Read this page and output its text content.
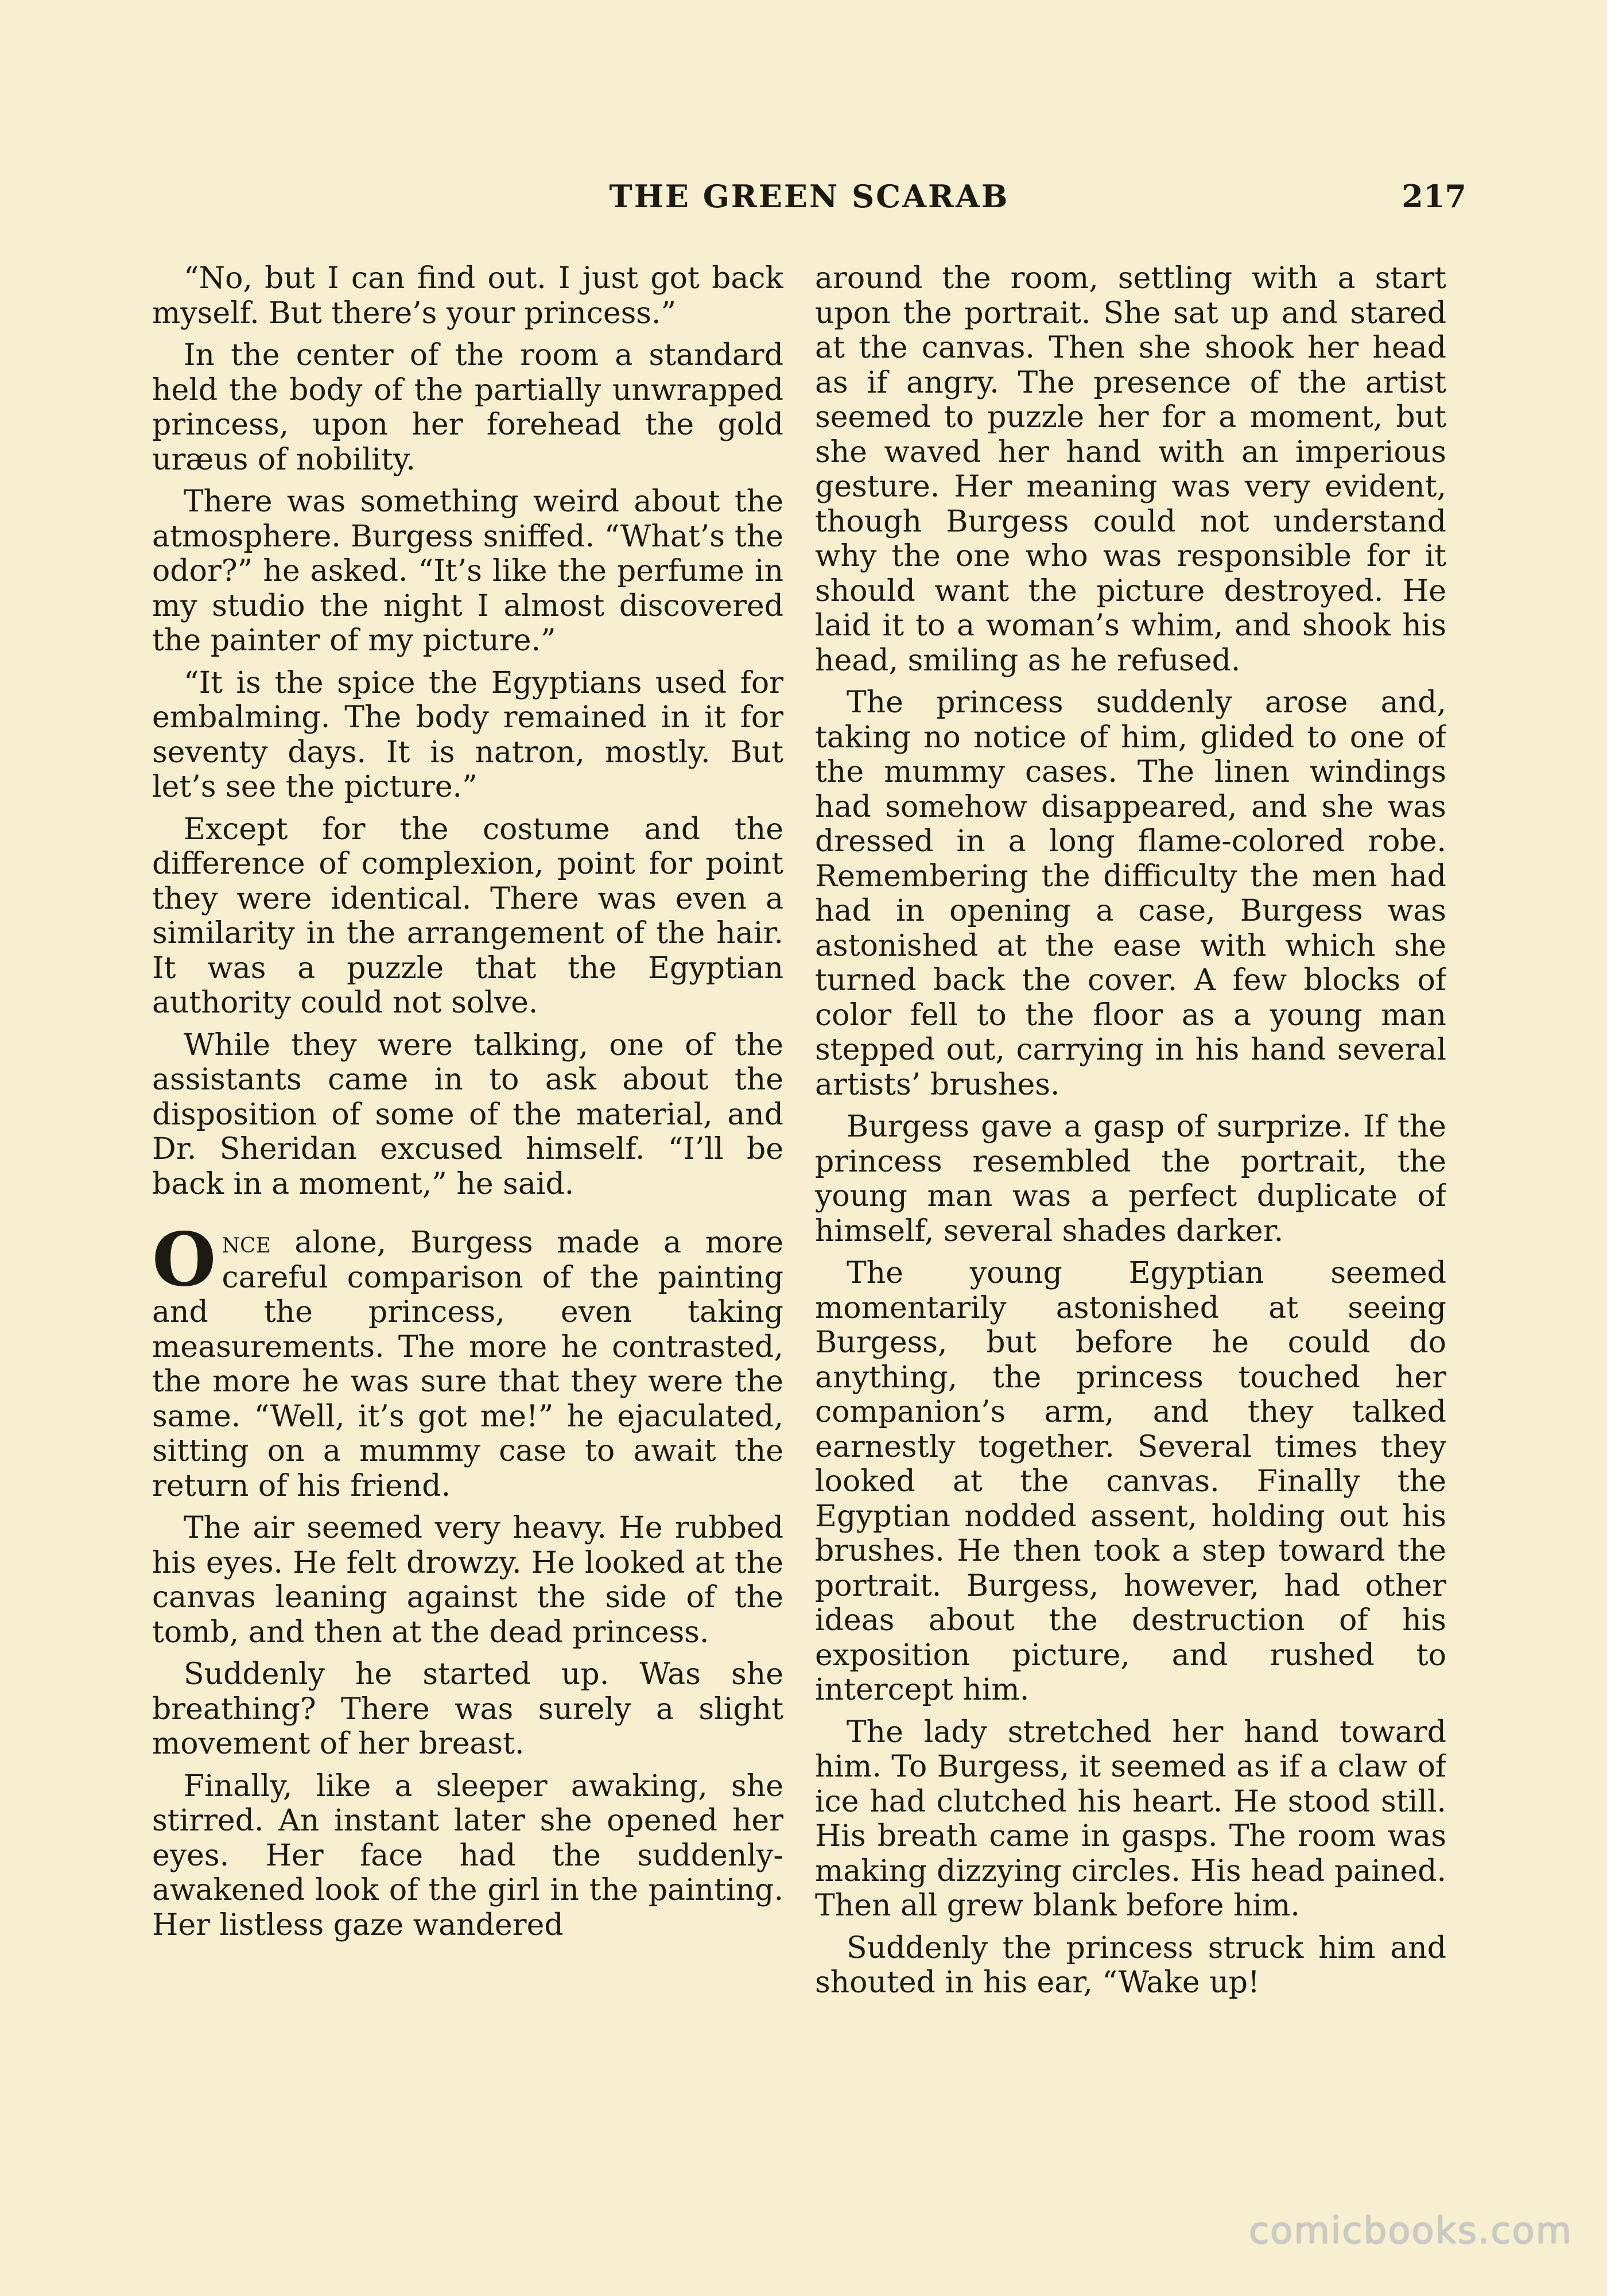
THE GREEN SCARAB	217

“No, but I can find out. I just got back myself. But there’s your princess.”

In the center of the room a standard held the body of the partially unwrapped princess, upon her forehead the gold uræus of nobility.

There was something weird about the atmosphere. Burgess sniffed. “What’s the odor?” he asked. “It’s like the perfume in my studio the night I almost discovered the painter of my picture.”

“It is the spice the Egyptians used for embalming. The body remained in it for seventy days. It is natron, mostly. But let’s see the picture.”

Except for the costume and the difference of complexion, point for point they were identical. There was even a similarity in the arrangement of the hair. It was a puzzle that the Egyptian authority could not solve.

While they were talking, one of the assistants came in to ask about the disposition of some of the material, and Dr. Sheridan excused himself. “I’ll be back in a moment,” he said.

Once alone, Burgess made a more careful comparison of the painting and the princess, even taking measurements. The more he contrasted, the more he was sure that they were the same. “Well, it’s got me!” he ejaculated, sitting on a mummy case to await the return of his friend.

The air seemed very heavy. He rubbed his eyes. He felt drowzy. He looked at the canvas leaning against the side of the tomb, and then at the dead princess.

Suddenly he started up. Was she breathing? There was surely a slight movement of her breast.

Finally, like a sleeper awaking, she stirred. An instant later she opened her eyes. Her face had the suddenly-awakened look of the girl in the painting. Her listless gaze wandered

around the room, settling with a start upon the portrait. She sat up and stared at the canvas. Then she shook her head as if angry. The presence of the artist seemed to puzzle her for a moment, but she waved her hand with an imperious gesture. Her meaning was very evident, though Burgess could not understand why the one who was responsible for it should want the picture destroyed. He laid it to a woman’s whim, and shook his head, smiling as he refused.

The princess suddenly arose and, taking no notice of him, glided to one of the mummy cases. The linen windings had somehow disappeared, and she was dressed in a long flame-colored robe. Remembering the difficulty the men had had in opening a case, Burgess was astonished at the ease with which she turned back the cover. A few blocks of color fell to the floor as a young man stepped out, carrying in his hand several artists’ brushes.

Burgess gave a gasp of surprize. If the princess resembled the portrait, the young man was a perfect duplicate of himself, several shades darker.

The young Egyptian seemed momentarily astonished at seeing Burgess, but before he could do anything, the princess touched her companion’s arm, and they talked earnestly together. Several times they looked at the canvas. Finally the Egyptian nodded assent, holding out his brushes. He then took a step toward the portrait. Burgess, however, had other ideas about the destruction of his exposition picture, and rushed to intercept him.

The lady stretched her hand toward him. To Burgess, it seemed as if a claw of ice had clutched his heart. He stood still. His breath came in gasps. The room was making dizzying circles. His head pained. Then all grew blank before him.

Suddenly the princess struck him and shouted in his ear, “Wake up!

comicbooks.com
